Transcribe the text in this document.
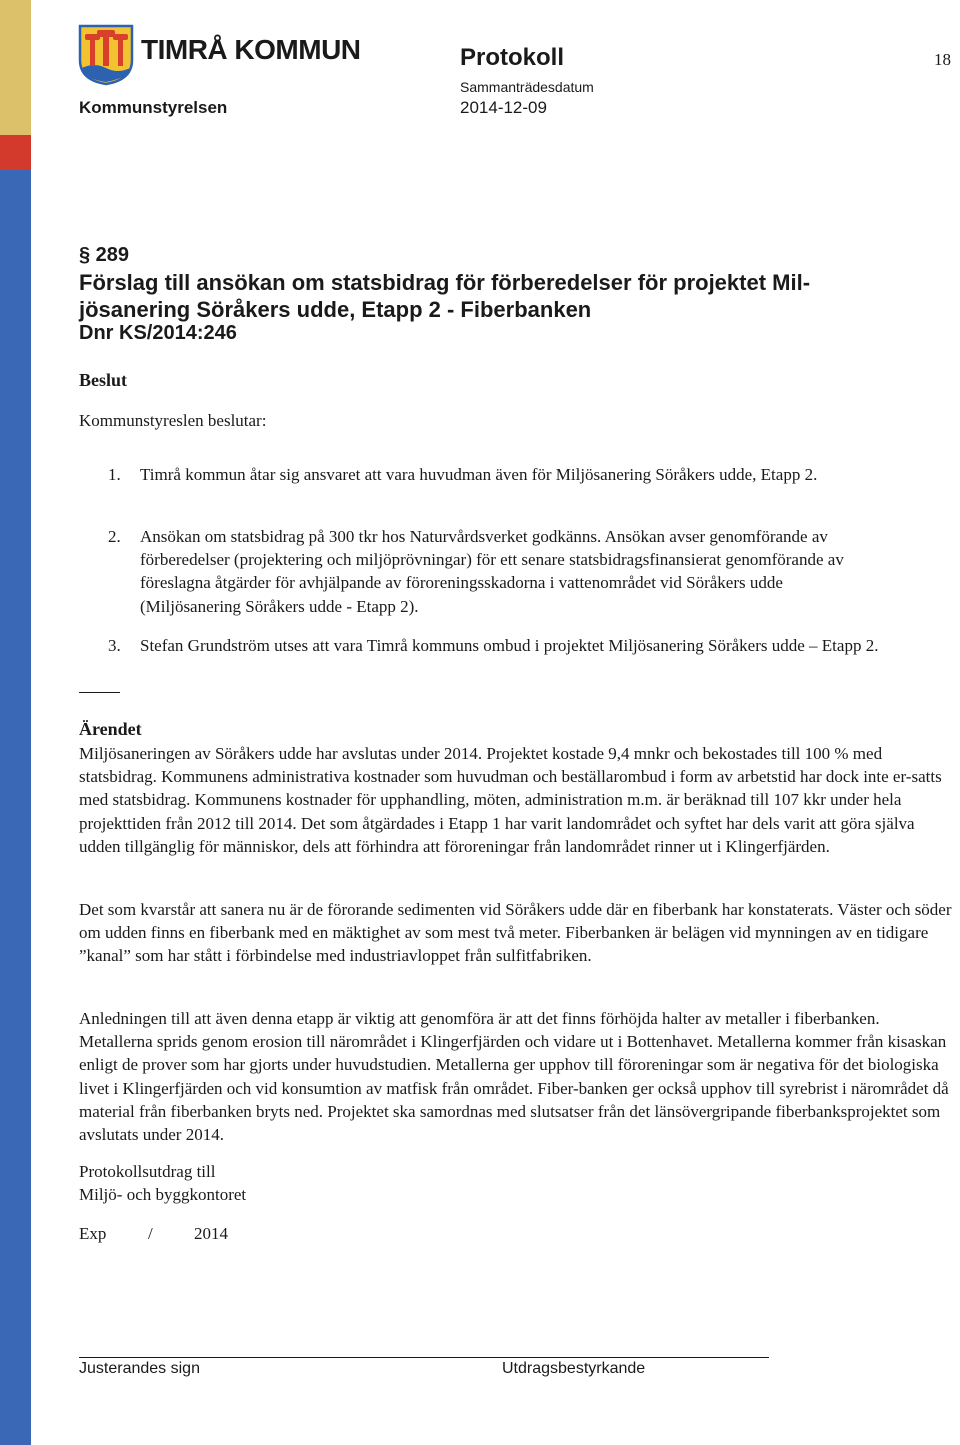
TIMRÅ KOMMUN
Kommunstyrelsen
Protokoll
Sammanträdesdatum
2014-12-09
18
§ 289
Förslag till ansökan om statsbidrag för förberedelser för projektet Mil-
jösanering Söråkers udde, Etapp 2 - Fiberbanken
Dnr KS/2014:246
Beslut
Kommunstyreslen beslutar:
1. Timrå kommun åtar sig ansvaret att vara huvudman även för Miljösanering Söråkers udde, Etapp 2.
2. Ansökan om statsbidrag på 300 tkr hos Naturvårdsverket godkänns. Ansökan avser genomförande av förberedelser (projektering och miljöprövningar) för ett senare statsbidragsfinansierat genomförande av föreslagna åtgärder för avhjälpande av föroreningsskadorna i vattenområdet vid Söråkers udde (Miljösanering Söråkers udde - Etapp 2).
3. Stefan Grundström utses att vara Timrå kommuns ombud i projektet Miljösanering Söråkers udde – Etapp 2.
Ärendet
Miljösaneringen av Söråkers udde har avslutas under 2014. Projektet kostade 9,4 mnkr och bekostades till 100 % med statsbidrag. Kommunens administrativa kostnader som huvudman och beställarombud i form av arbetstid har dock inte er-satts med statsbidrag. Kommunens kostnader för upphandling, möten, administration m.m. är beräknad till 107 kkr under hela projekttiden från 2012 till 2014. Det som åtgärdades i Etapp 1 har varit landområdet och syftet har dels varit att göra själva udden tillgänglig för människor, dels att förhindra att föroreningar från landområdet rinner ut i Klingerfjärden.
Det som kvarstår att sanera nu är de förorande sedimenten vid Söråkers udde där en fiberbank har konstaterats. Väster och söder om udden finns en fiberbank med en mäktighet av som mest två meter. Fiberbanken är belägen vid mynningen av en tidigare ”kanal” som har stått i förbindelse med industriavloppet från sulfitfabriken.
Anledningen till att även denna etapp är viktig att genomföra är att det finns förhöjda halter av metaller i fiberbanken. Metallerna sprids genom erosion till närområdet i Klingerfjärden och vidare ut i Bottenhavet. Metallerna kommer från kisaskan enligt de prover som har gjorts under huvudstudien. Metallerna ger upphov till föroreningar som är negativa för det biologiska livet i Klingerfjärden och vid konsumtion av matfisk från området. Fiber-banken ger också upphov till syrebrist i närområdet då material från fiberbanken bryts ned. Projektet ska samordnas med slutsatser från det länsövergripande fiberbanksprojektet som avslutats under 2014.
Protokollsutdrag till
Miljö- och byggkontoret
Exp / 2014
Justerandes sign	Utdragsbestyrkande
